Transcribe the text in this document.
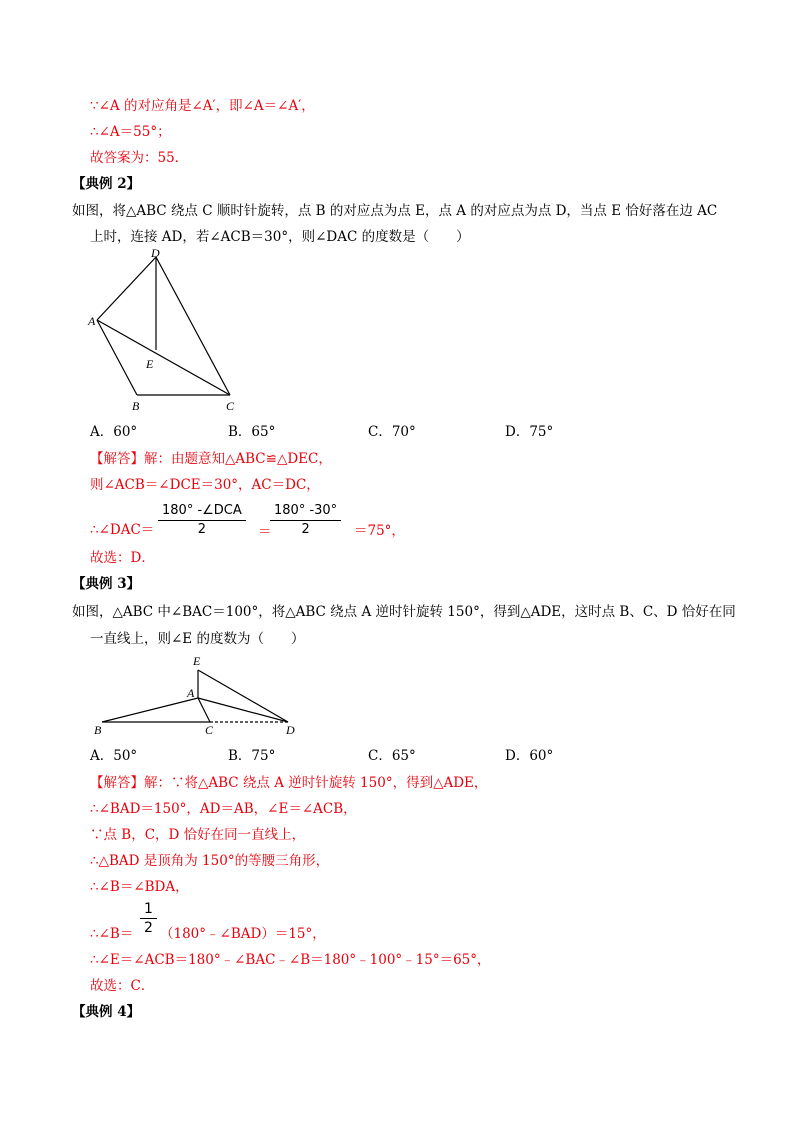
∵∠A 的对应角是∠A′，即∠A＝∠A′，
∴∠A＝55°；
故答案为：55．
【典例 2】
如图，将△ABC 绕点 C 顺时针旋转，点 B 的对应点为点 E，点 A 的对应点为点 D，当点 E 恰好落在边 AC
上时，连接 AD，若∠ACB＝30°，则∠DAC 的度数是（　　）
D
A
E
B	C
A．60°	B．65°	C．70°	D．75°
【解答】解：由题意知△ABC≌△DEC，
则∠ACB＝∠DCE＝30°，AC＝DC，
∴∠DAC＝
180° -∠DCA
2	＝
$\frac{180^\circ -30^\circ}{2} =75^\circ$，
故选：D．
【典例 3】
如图，△ABC 中∠BAC＝100°，将△ABC 绕点 A 逆时针旋转 150°，得到△ADE，这时点 B、C、D 恰好在同
一直线上，则∠E 的度数为（　　）
E
A
B	C	D
A．50°	B．75°	C．65°	D．60°
【解答】解：∵将△ABC 绕点 A 逆时针旋转 150°，得到△ADE，
∴∠BAD＝150°，AD＝AB，∠E＝∠ACB，
∵点 B，C，D 恰好在同一直线上，
∴△BAD 是顶角为 150°的等腰三角形，
∴∠B＝∠BDA，
$\frac{1}{2}$
∴∠B＝ （180°﹣∠BAD）＝15°，
∴∠E＝∠ACB＝180°﹣∠BAC﹣∠B＝180°﹣100°﹣15°＝65°，
故选：C．
【典例 4】
